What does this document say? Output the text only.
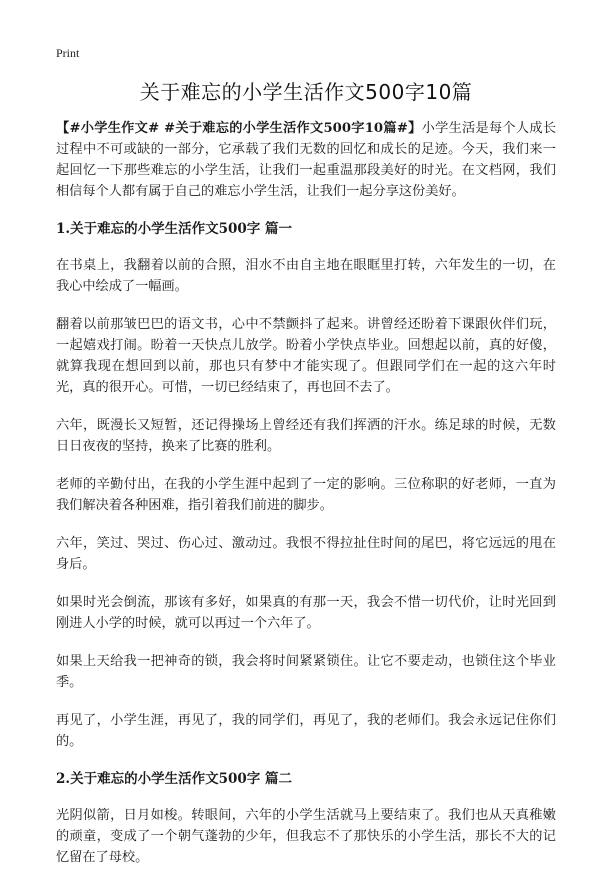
Print
关于难忘的小学生活作文500字10篇

【#小学生作文# #关于难忘的小学生活作文500字10篇#】小学生活是每个人成长过程中不可或缺的一部分，它承载了我们无数的回忆和成长的足迹。今天，我们来一起回忆一下那些难忘的小学生活，让我们一起重温那段美好的时光。在文档网，我们相信每个人都有属于自己的难忘小学生活，让我们一起分享这份美好。

1.关于难忘的小学生活作文500字 篇一

在书桌上，我翻着以前的合照，泪水不由自主地在眼眶里打转，六年发生的一切，在我心中绘成了一幅画。

翻着以前那皱巴巴的语文书，心中不禁颤抖了起来。讲曾经还盼着下课跟伙伴们玩，一起嬉戏打闹。盼着一天快点儿放学。盼着小学快点毕业。回想起以前，真的好傻，就算我现在想回到以前，那也只有梦中才能实现了。但跟同学们在一起的这六年时光，真的很开心。可惜，一切已经结束了，再也回不去了。

六年，既漫长又短暂，还记得操场上曾经还有我们挥洒的汗水。练足球的时候，无数日日夜夜的坚持，换来了比赛的胜利。

老师的辛勤付出，在我的小学生涯中起到了一定的影响。三位称职的好老师，一直为我们解决着各种困难，指引着我们前进的脚步。

六年，笑过、哭过、伤心过、激动过。我恨不得拉扯住时间的尾巴，将它远远的甩在身后。

如果时光会倒流，那该有多好，如果真的有那一天，我会不惜一切代价，让时光回到刚进人小学的时候，就可以再过一个六年了。

如果上天给我一把神奇的锁，我会将时间紧紧锁住。让它不要走动，也锁住这个毕业季。

再见了，小学生涯，再见了，我的同学们，再见了，我的老师们。我会永远记住你们的。

2.关于难忘的小学生活作文500字 篇二

光阴似箭，日月如梭。转眼间，六年的小学生活就马上要结束了。我们也从天真稚嫩的顽童，变成了一个朝气蓬勃的少年，但我忘不了那快乐的小学生活，那长不大的记忆留在了母校。
